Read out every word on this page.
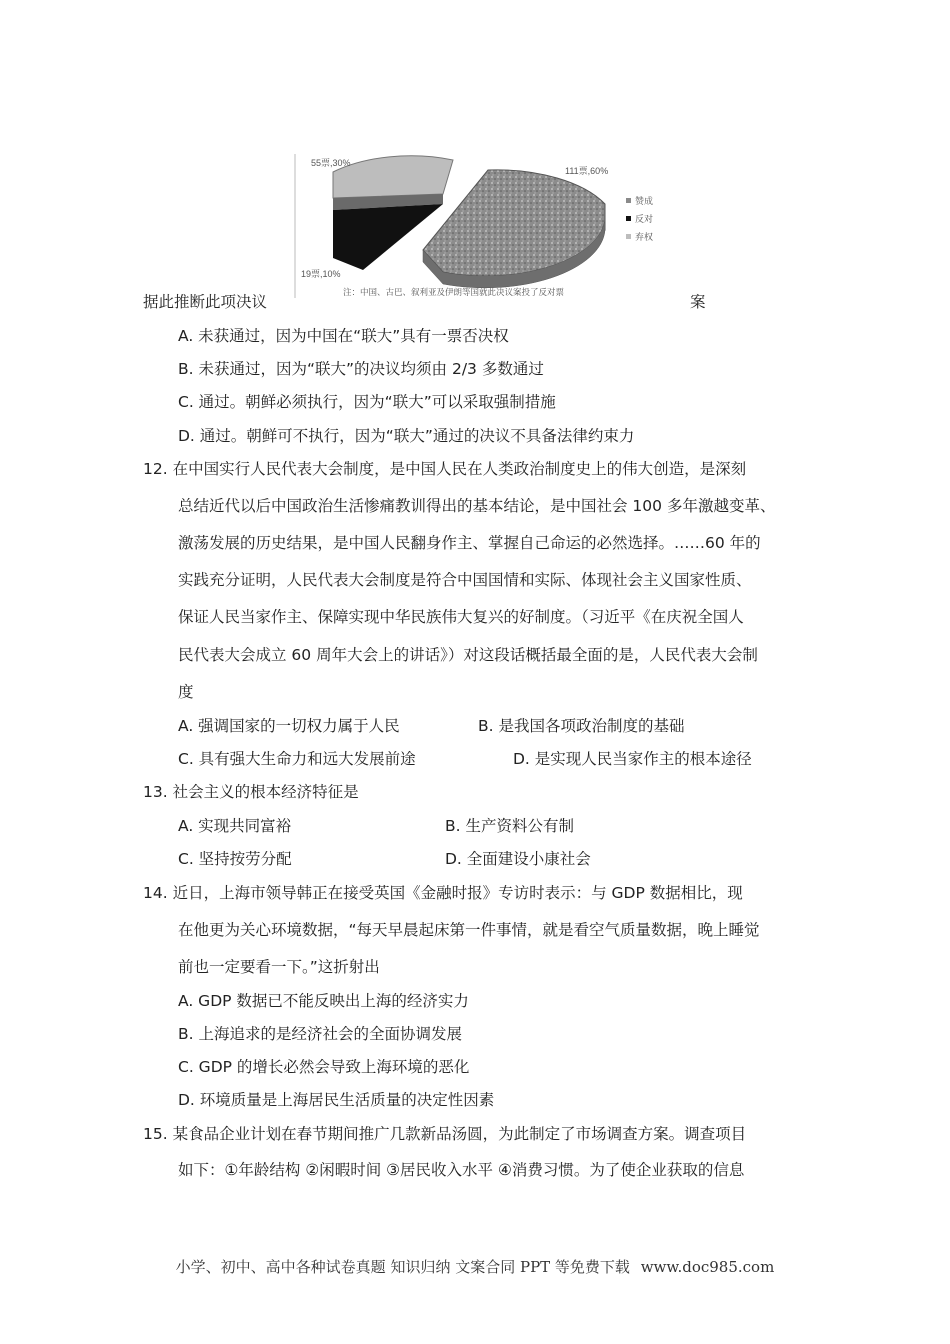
55票,30%
19票,10%
111票,60%
赞成
反对
弃权
注：中国、古巴、叙利亚及伊朗等国就此决议案投了反对票
据此推断此项决议	案
A. 未获通过，因为中国在“联大”具有一票否决权
B. 未获通过，因为“联大”的决议均须由 2/3 多数通过
C. 通过。朝鲜必须执行，因为“联大”可以采取强制措施
D. 通过。朝鲜可不执行，因为“联大”通过的决议不具备法律约束力
12. 在中国实行人民代表大会制度，是中国人民在人类政治制度史上的伟大创造，是深刻
总结近代以后中国政治生活惨痛教训得出的基本结论，是中国社会 100 多年激越变革、
激荡发展的历史结果，是中国人民翻身作主、掌握自己命运的必然选择。……60 年的
实践充分证明，人民代表大会制度是符合中国国情和实际、体现社会主义国家性质、
保证人民当家作主、保障实现中华民族伟大复兴的好制度。（习近平《在庆祝全国人
民代表大会成立 60 周年大会上的讲话》）对这段话概括最全面的是，人民代表大会制
度
A. 强调国家的一切权力属于人民	B. 是我国各项政治制度的基础
C. 具有强大生命力和远大发展前途	D. 是实现人民当家作主的根本途径
13. 社会主义的根本经济特征是
A. 实现共同富裕	B. 生产资料公有制
C. 坚持按劳分配	D. 全面建设小康社会
14. 近日，上海市领导韩正在接受英国《金融时报》专访时表示：与 GDP 数据相比，现
在他更为关心环境数据，“每天早晨起床第一件事情，就是看空气质量数据，晚上睡觉
前也一定要看一下。”这折射出
A. GDP 数据已不能反映出上海的经济实力
B. 上海追求的是经济社会的全面协调发展
C. GDP 的增长必然会导致上海环境的恶化
D. 环境质量是上海居民生活质量的决定性因素
15. 某食品企业计划在春节期间推广几款新品汤圆，为此制定了市场调查方案。调查项目
如下：①年龄结构 ②闲暇时间 ③居民收入水平 ④消费习惯。为了使企业获取的信息
小学、初中、高中各种试卷真题 知识归纳 文案合同 PPT 等免费下载 www.doc985.com
